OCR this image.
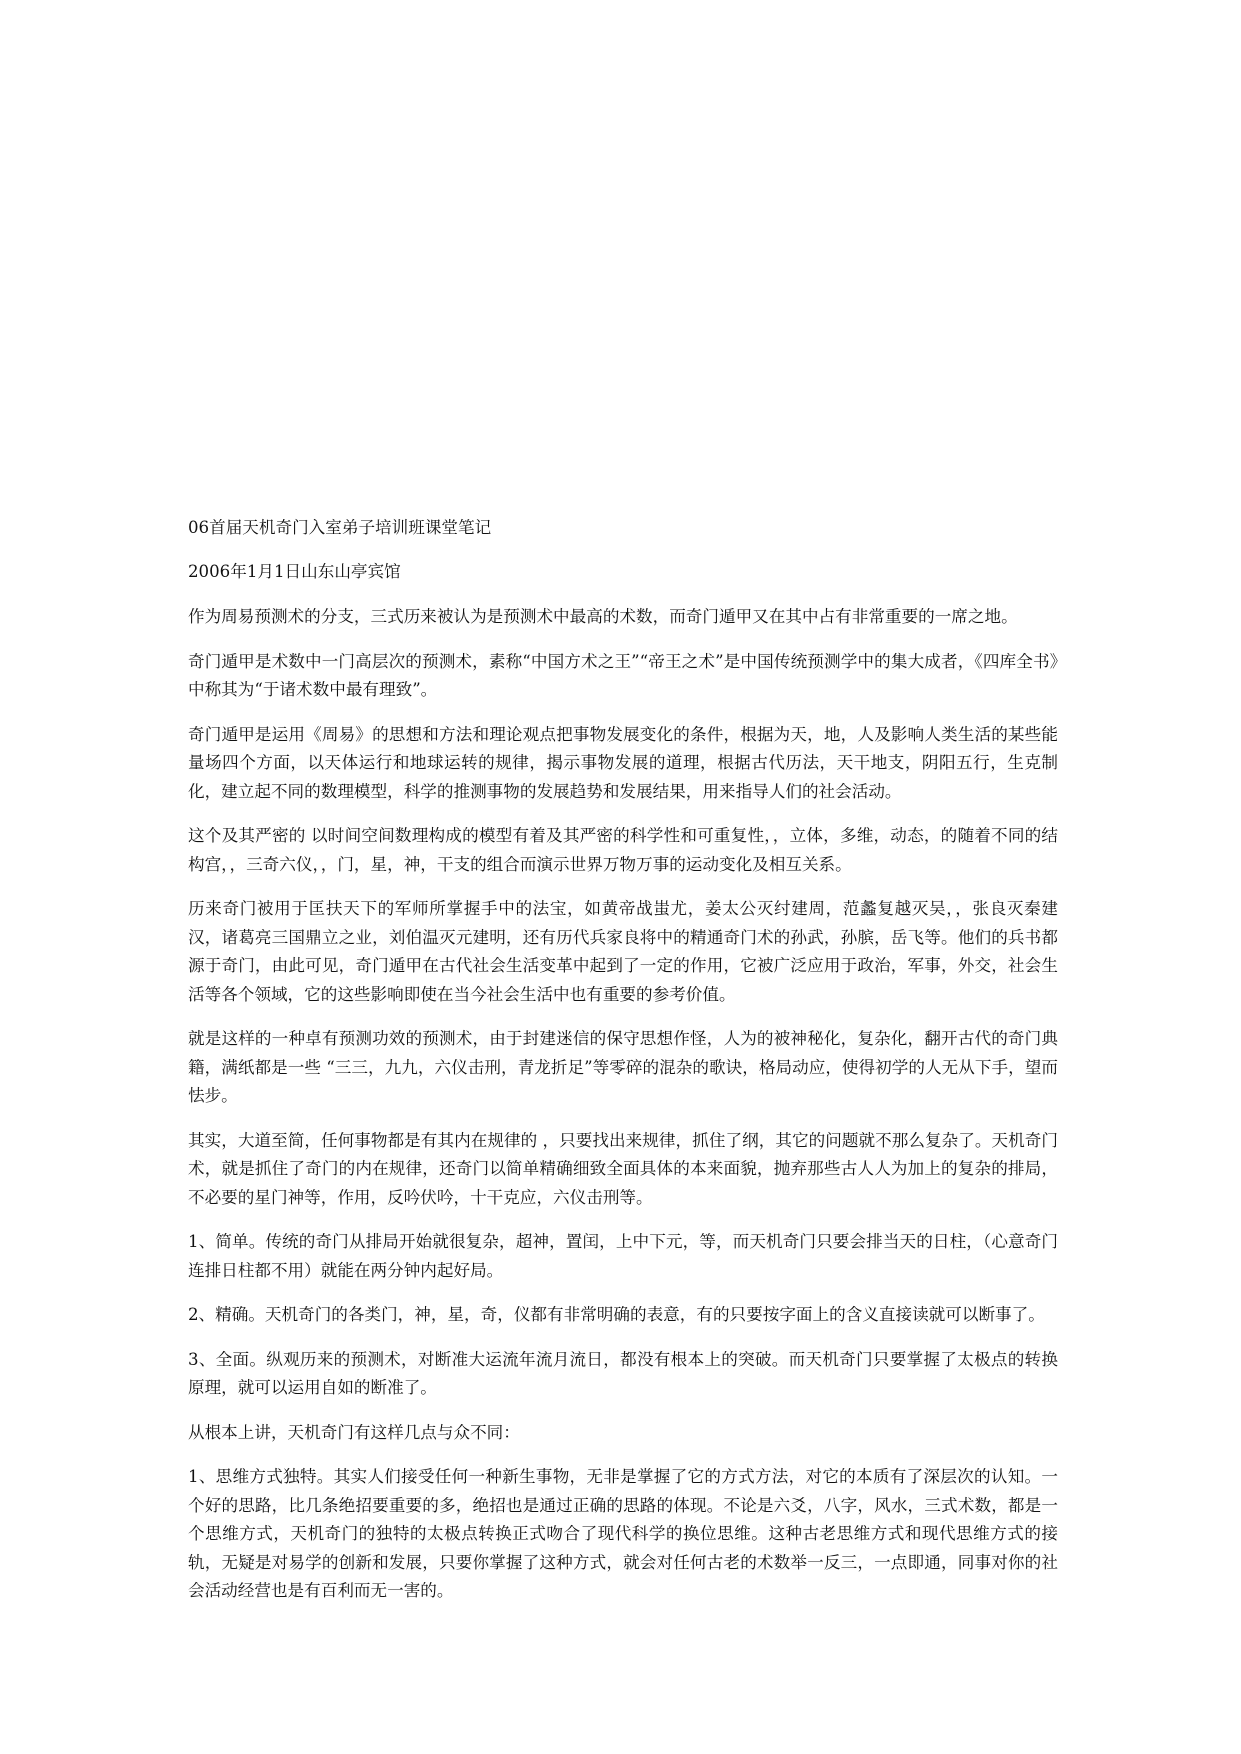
06首届天机奇门入室弟子培训班课堂笔记

2006年1月1日山东山亭宾馆

作为周易预测术的分支，三式历来被认为是预测术中最高的术数，而奇门遁甲又在其中占有非常重要的一席之地。

奇门遁甲是术数中一门高层次的预测术，素称“中国方术之王”“帝王之术”是中国传统预测学中的集大成者，《四库全书》中称其为“于诸术数中最有理致”。

奇门遁甲是运用《周易》的思想和方法和理论观点把事物发展变化的条件，根据为天，地，人及影响人类生活的某些能量场四个方面，以天体运行和地球运转的规律，揭示事物发展的道理，根据古代历法，天干地支，阴阳五行，生克制化，建立起不同的数理模型，科学的推测事物的发展趋势和发展结果，用来指导人们的社会活动。

这个及其严密的 以时间空间数理构成的模型有着及其严密的科学性和可重复性，，立体，多维，动态，的随着不同的结构宫，，三奇六仪，，门，星，神，干支的组合而演示世界万物万事的运动变化及相互关系。

历来奇门被用于匡扶天下的军师所掌握手中的法宝，如黄帝战蚩尤，姜太公灭纣建周，范蠡复越灭吴，，张良灭秦建汉，诸葛亮三国鼎立之业，刘伯温灭元建明，还有历代兵家良将中的精通奇门术的孙武，孙膑，岳飞等。他们的兵书都源于奇门，由此可见，奇门遁甲在古代社会生活变革中起到了一定的作用，它被广泛应用于政治，军事，外交，社会生活等各个领域，它的这些影响即使在当今社会生活中也有重要的参考价值。

就是这样的一种卓有预测功效的预测术，由于封建迷信的保守思想作怪，人为的被神秘化，复杂化，翻开古代的奇门典籍，满纸都是一些 “三三，九九，六仪击刑，青龙折足”等零碎的混杂的歌诀，格局动应，使得初学的人无从下手，望而怯步。

其实，大道至简，任何事物都是有其内在规律的 ，只要找出来规律，抓住了纲，其它的问题就不那么复杂了。天机奇门术，就是抓住了奇门的内在规律，还奇门以简单精确细致全面具体的本来面貌，抛弃那些古人人为加上的复杂的排局，不必要的星门神等，作用，反吟伏吟，十干克应，六仪击刑等。

1、简单。传统的奇门从排局开始就很复杂，超神，置闰，上中下元，等，而天机奇门只要会排当天的日柱，（心意奇门连排日柱都不用）就能在两分钟内起好局。

2、精确。天机奇门的各类门，神，星，奇，仪都有非常明确的表意，有的只要按字面上的含义直接读就可以断事了。

3、全面。纵观历来的预测术，对断准大运流年流月流日，都没有根本上的突破。而天机奇门只要掌握了太极点的转换原理，就可以运用自如的断准了。

从根本上讲，天机奇门有这样几点与众不同：

1、思维方式独特。其实人们接受任何一种新生事物，无非是掌握了它的方式方法，对它的本质有了深层次的认知。一个好的思路，比几条绝招要重要的多，绝招也是通过正确的思路的体现。不论是六爻，八字，风水，三式术数，都是一个思维方式，天机奇门的独特的太极点转换正式吻合了现代科学的换位思维。这种古老思维方式和现代思维方式的接轨，无疑是对易学的创新和发展，只要你掌握了这种方式，就会对任何古老的术数举一反三，一点即通，同事对你的社会活动经营也是有百利而无一害的。
